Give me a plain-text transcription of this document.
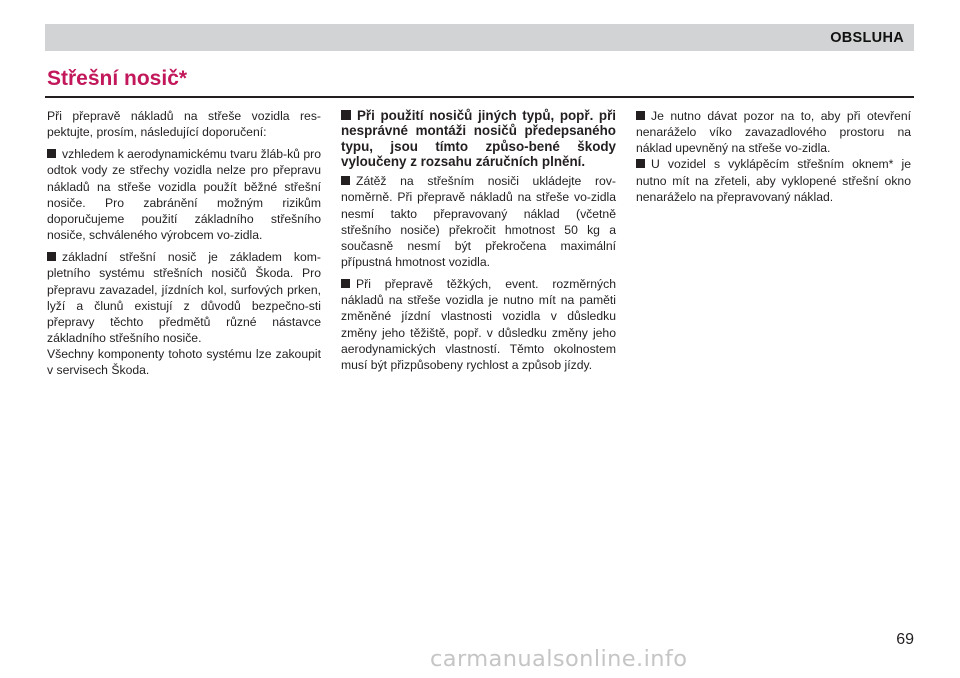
OBSLUHA
Střešní nosič*

Při přepravě nákladů na střeše vozidla res-pektujte, prosím, následující doporučení:

vzhledem k aerodynamickému tvaru žláb-ků pro odtok vody ze střechy vozidla nelze pro přepravu nákladů na střeše vozidla použít běžné střešní nosiče. Pro zabránění možným rizikům doporučujeme použití základního střešního nosiče, schváleného výrobcem vo-zidla.

základní střešní nosič je základem kom-pletního systému střešních nosičů Škoda. Pro přepravu zavazadel, jízdních kol, surfových prken, lyží a člunů existují z důvodů bezpečno-sti přepravy těchto předmětů různé nástavce základního střešního nosiče.

Všechny komponenty tohoto systému lze zakoupit v servisech Škoda.

Při použití nosičů jiných typů, popř. při nesprávné montáži nosičů předepsaného typu, jsou tímto způso-bené škody vyloučeny z rozsahu záručních plnění.

Zátěž na střešním nosiči ukládejte rov-noměrně. Při přepravě nákladů na střeše vo-zidla nesmí takto přepravovaný náklad (včetně střešního nosiče) překročit hmotnost 50 kg a současně nesmí být překročena maximální přípustná hmotnost vozidla.

Při přepravě těžkých, event. rozměrných nákladů na střeše vozidla je nutno mít na paměti změněné jízdní vlastnosti vozidla v důsledku změny jeho těžiště, popř. v důsledku změny jeho aerodynamických vlastností. Těmto okolnostem musí být přizpůsobeny rychlost a způsob jízdy.

Je nutno dávat pozor na to, aby při otevření nenaráželo víko zavazadlového prostoru na náklad upevněný na střeše vo-zidla.

U vozidel s vyklápěcím střešním oknem* je nutno mít na zřeteli, aby vyklopené střešní okno nenaráželo na přepravovaný náklad.

69
carmanualsonline.info
